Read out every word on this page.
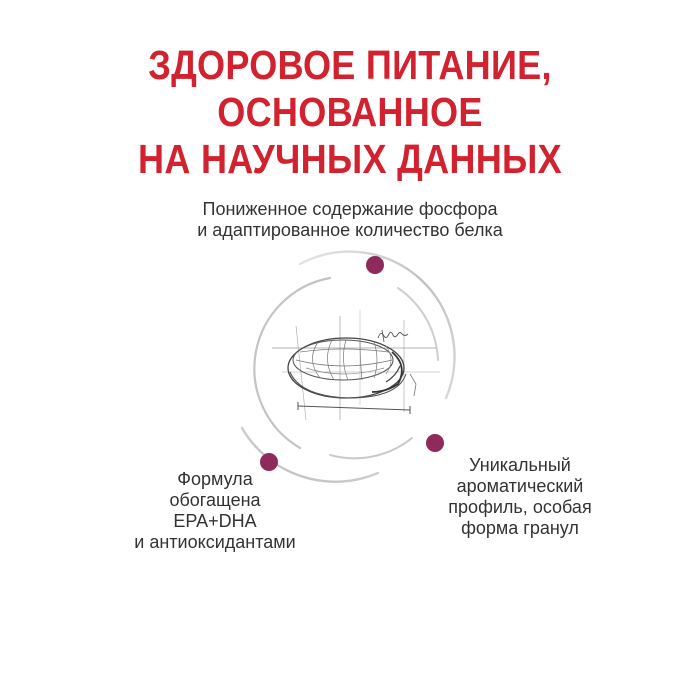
ЗДОРОВОЕ ПИТАНИЕ, ОСНОВАННОЕ
НА НАУЧНЫХ ДАННЫХ
Пониженное содержание фосфора
и адаптированное количество белка
Уникальный
ароматический
профиль, особая
форма гранул
Формула
обогащена
EPA+DHA
и антиоксидантами
